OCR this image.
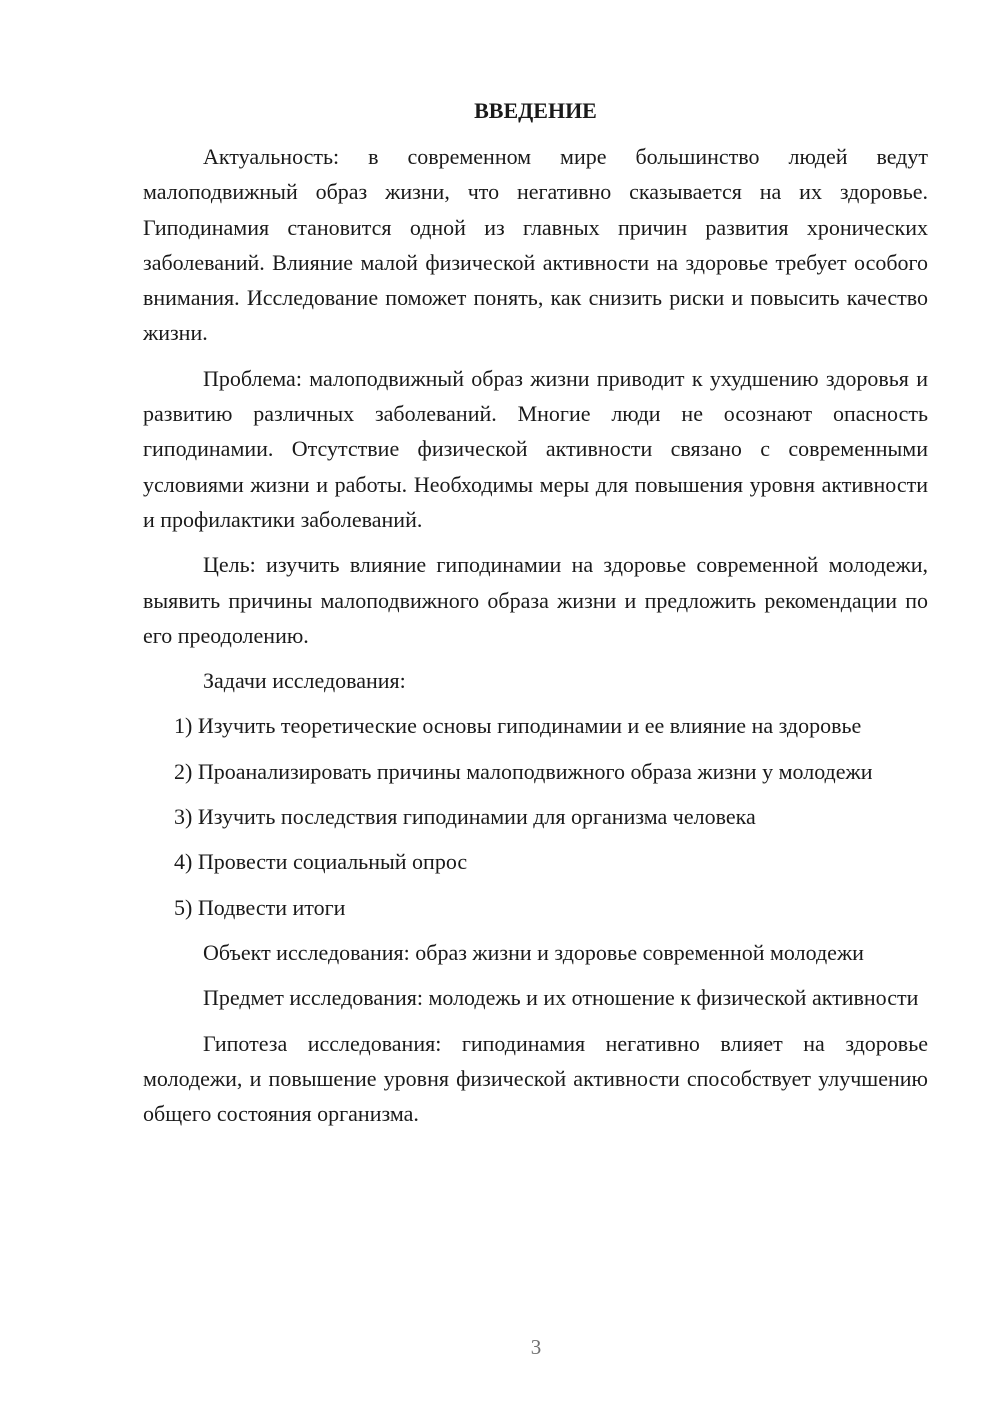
ВВЕДЕНИЕ

Актуальность: в современном мире большинство людей ведут малоподвижный образ жизни, что негативно сказывается на их здоровье. Гиподинамия становится одной из главных причин развития хронических заболеваний. Влияние малой физической активности на здоровье требует особого внимания. Исследование поможет понять, как снизить риски и повысить качество жизни.

Проблема: малоподвижный образ жизни приводит к ухудшению здоровья и развитию различных заболеваний. Многие люди не осознают опасность гиподинамии. Отсутствие физической активности связано с современными условиями жизни и работы. Необходимы меры для повышения уровня активности и профилактики заболеваний.

Цель: изучить влияние гиподинамии на здоровье современной молодежи, выявить причины малоподвижного образа жизни и предложить рекомендации по его преодолению.

Задачи исследования:

1) Изучить теоретические основы гиподинамии и ее влияние на здоровье

2) Проанализировать причины малоподвижного образа жизни у молодежи

3) Изучить последствия гиподинамии для организма человека

4) Провести социальный опрос

5) Подвести итоги

Объект исследования: образ жизни и здоровье современной молодежи

Предмет исследования: молодежь и их отношение к физической активности

Гипотеза исследования: гиподинамия негативно влияет на здоровье молодежи, и повышение уровня физической активности способствует улучшению общего состояния организма.

3
